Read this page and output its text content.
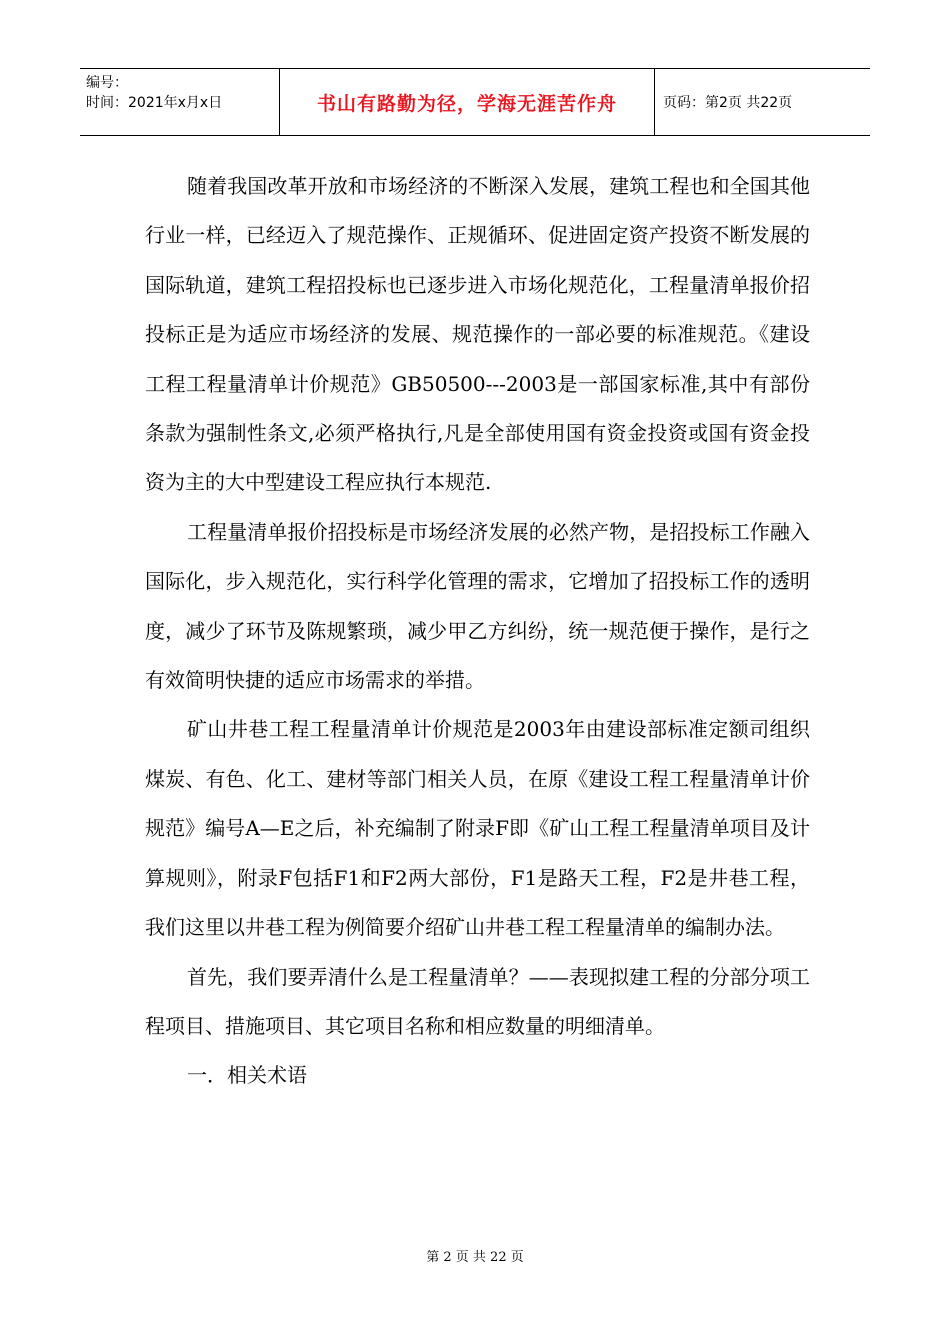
编号：
时间：2021年x月x日	书山有路勤为径，学海无涯苦作舟	页码：第2页 共22页

随着我国改革开放和市场经济的不断深入发展，建筑工程也和全国其他行业一样，已经迈入了规范操作、正规循环、促进固定资产投资不断发展的国际轨道，建筑工程招投标也已逐步进入市场化规范化，工程量清单报价招投标正是为适应市场经济的发展、规范操作的一部必要的标准规范。《建设工程工程量清单计价规范》GB50500---2003是一部国家标准,其中有部份条款为强制性条文,必须严格执行,凡是全部使用国有资金投资或国有资金投资为主的大中型建设工程应执行本规范.

工程量清单报价招投标是市场经济发展的必然产物，是招投标工作融入国际化，步入规范化，实行科学化管理的需求，它增加了招投标工作的透明度，减少了环节及陈规繁琐，减少甲乙方纠纷，统一规范便于操作，是行之有效简明快捷的适应市场需求的举措。

矿山井巷工程工程量清单计价规范是2003年由建设部标准定额司组织煤炭、有色、化工、建材等部门相关人员，在原《建设工程工程量清单计价规范》编号A—E之后，补充编制了附录F即《矿山工程工程量清单项目及计算规则》，附录F包括F1和F2两大部份，F1是路天工程，F2是井巷工程，我们这里以井巷工程为例简要介绍矿山井巷工程工程量清单的编制办法。

首先，我们要弄清什么是工程量清单？——表现拟建工程的分部分项工程项目、措施项目、其它项目名称和相应数量的明细清单。

一．相关术语

第 2 页 共 22 页
